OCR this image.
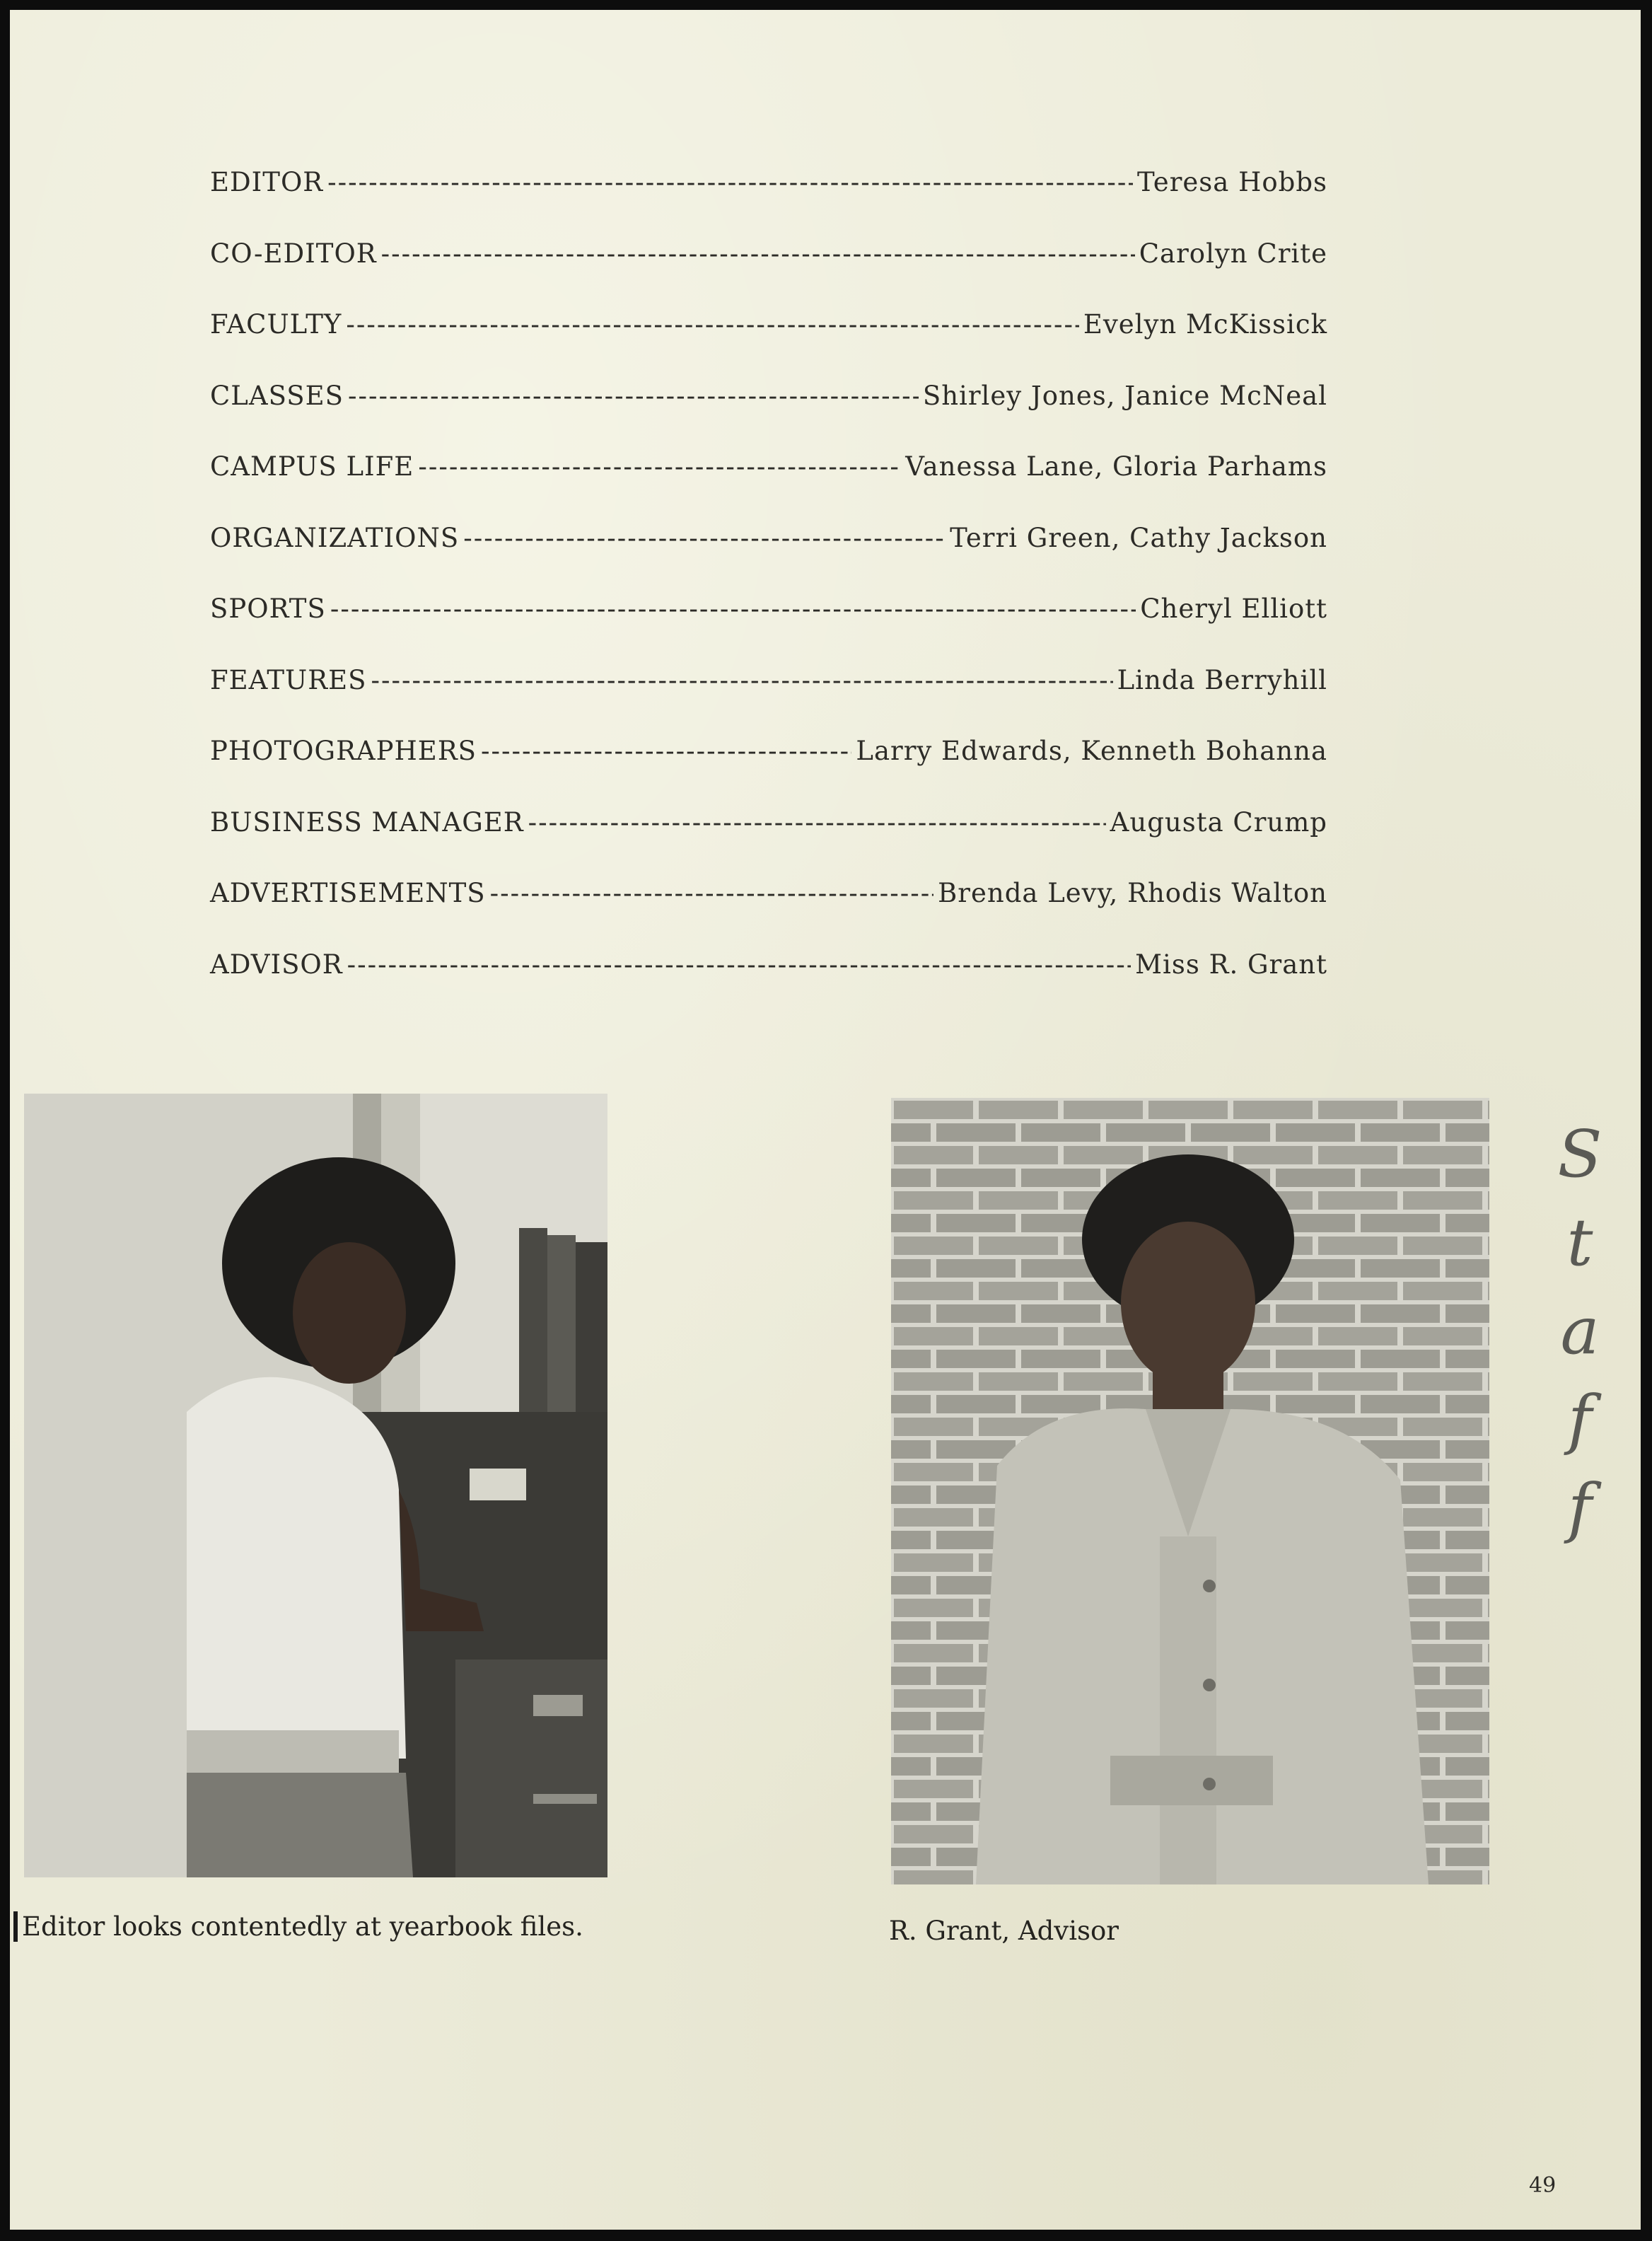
EDITOR -----	Teresa Hobbs
CO-EDITOR -----	Carolyn Crite
FACULTY -----	Evelyn McKissick
CLASSES -----	Shirley Jones, Janice McNeal
CAMPUS LIFE -----	Vanessa Lane, Gloria Parhams
ORGANIZATIONS -----	Terri Green, Cathy Jackson
SPORTS -----	Cheryl Elliott
FEATURES -----	Linda Berryhill
PHOTOGRAPHERS -----	Larry Edwards, Kenneth Bohanna
BUSINESS MANAGER -----	Augusta Crump
ADVERTISEMENTS -----	Brenda Levy, Rhodis Walton
ADVISOR -----	Miss R. Grant
Editor looks contentedly at yearbook files.	R. Grant, Advisor
S
t
a
f
f
49
